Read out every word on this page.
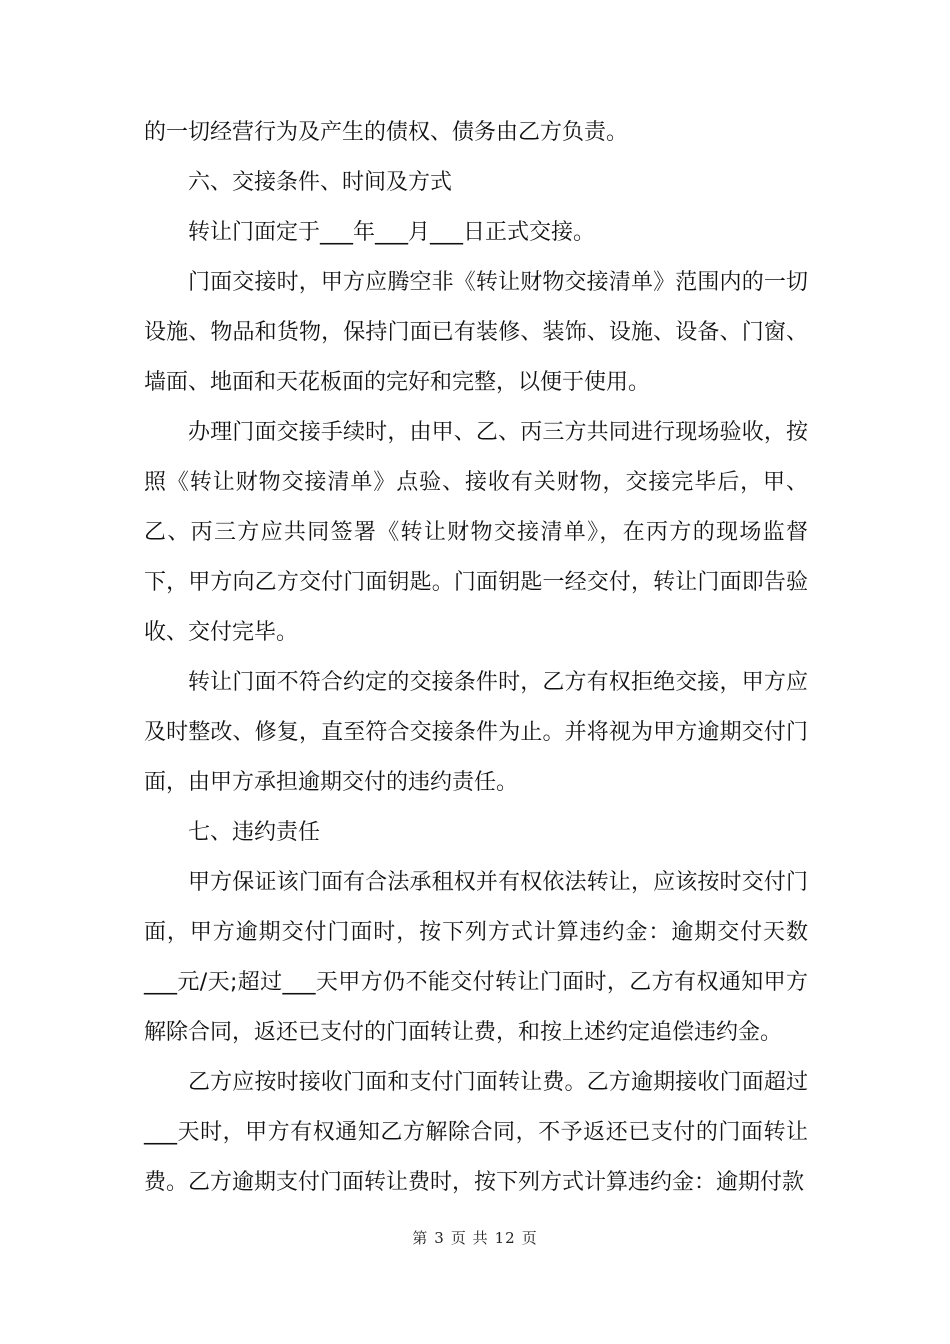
的一切经营行为及产生的债权、债务由乙方负责。

六、交接条件、时间及方式

转让门面定于___年___月___日正式交接。

门面交接时，甲方应腾空非《转让财物交接清单》范围内的一切设施、物品和货物，保持门面已有装修、装饰、设施、设备、门窗、墙面、地面和天花板面的完好和完整，以便于使用。

办理门面交接手续时，由甲、乙、丙三方共同进行现场验收，按照《转让财物交接清单》点验、接收有关财物，交接完毕后，甲、乙、丙三方应共同签署《转让财物交接清单》，在丙方的现场监督下，甲方向乙方交付门面钥匙。门面钥匙一经交付，转让门面即告验收、交付完毕。

转让门面不符合约定的交接条件时，乙方有权拒绝交接，甲方应及时整改、修复，直至符合交接条件为止。并将视为甲方逾期交付门面，由甲方承担逾期交付的违约责任。

七、违约责任

甲方保证该门面有合法承租权并有权依法转让，应该按时交付门面，甲方逾期交付门面时，按下列方式计算违约金：逾期交付天数___元/天;超过___天甲方仍不能交付转让门面时，乙方有权通知甲方解除合同，返还已支付的门面转让费，和按上述约定追偿违约金。

乙方应按时接收门面和支付门面转让费。乙方逾期接收门面超过___天时，甲方有权通知乙方解除合同，不予返还已支付的门面转让费。乙方逾期支付门面转让费时，按下列方式计算违约金：逾期付款

第 3 页 共 12 页
